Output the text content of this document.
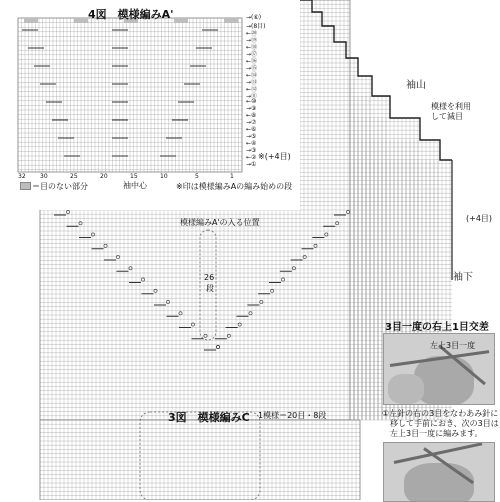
4図　模様編みA'
＝目のない部分	袖中心	※印は模様編みAの編み始めの段
※(+4目)
32 30	25	20	15	10	5	1
→(⑥)
→(8目)
←⑳
→⑲
←⑱
→⑰
←⑯
→⑮
←⑭
→⑬
←⑫
→⑪
←⑩
→⑨
←⑧
→⑦
←⑥
→⑤
←④
→③
←②
→①
袖山
模様を利用
して減目
(+4目)
袖下
模様編みA'の入る位置
26
段
3図　模様編みC 1模様＝20目・8段
3目一度の右上1目交差
左上3目一度
①左針の右の3目をなわあみ針に
移して手前におき、次の3目は
左上3目一度に編みます。
